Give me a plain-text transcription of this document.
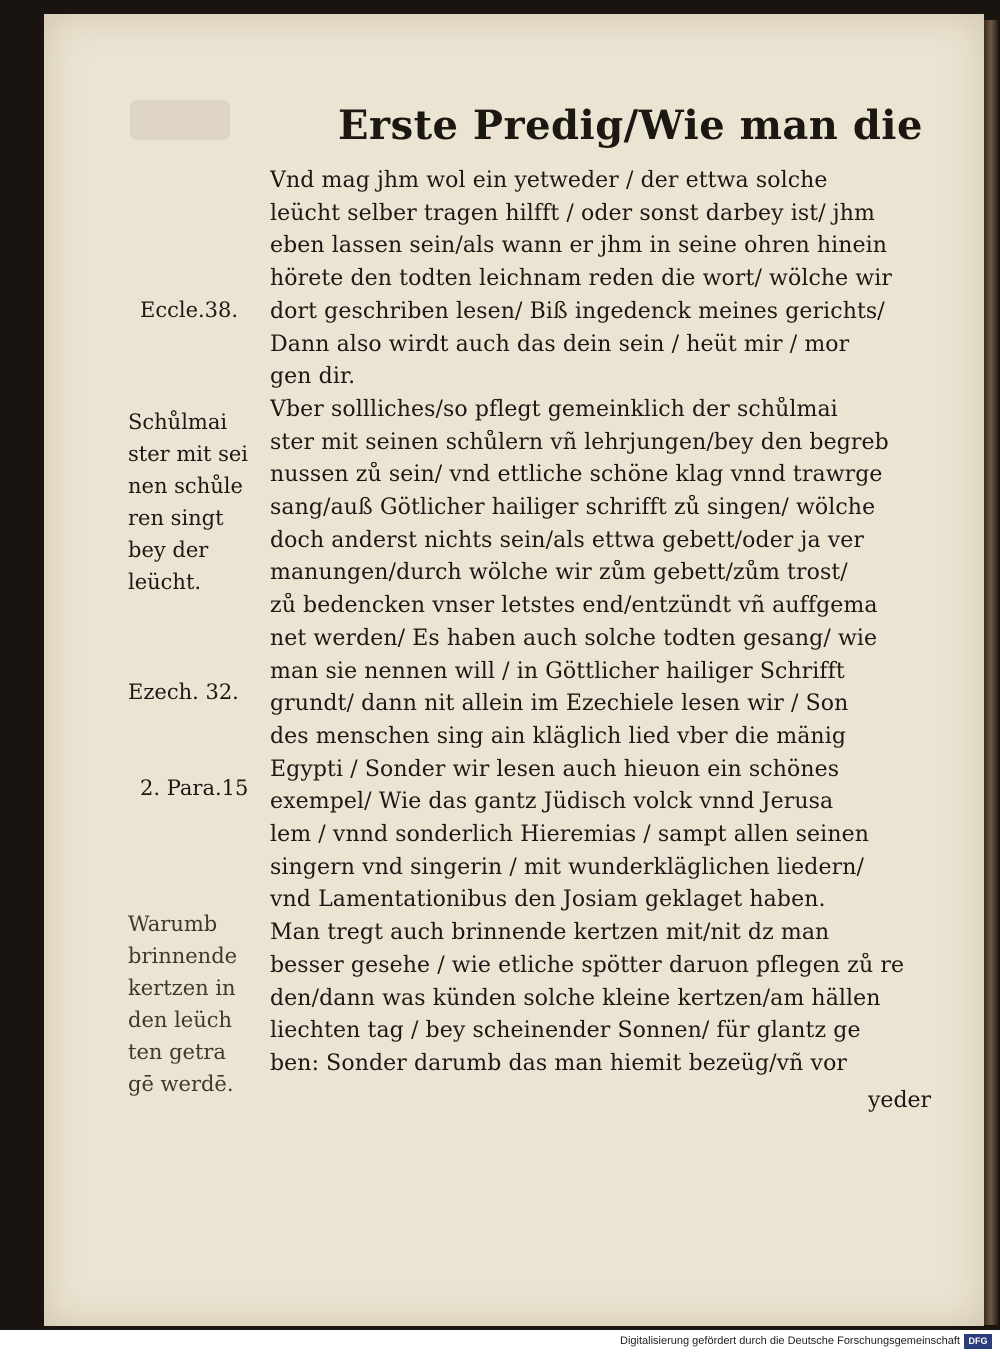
Erste Predig/Wie man die
Vnd mag jhm wol ein yetweder / der ettwa solche
leücht selber tragen hilfft / oder sonst darbey ist/ jhm
eben lassen sein/als wann er jhm in seine ohren hinein
hörete den todten leichnam reden die wort/ wölche wir
dort geschriben lesen/ Biß ingedenck meines gerichts/
Dann also wirdt auch das dein sein / heüt mir / mor
gen dir.
Vber sollliches/so pflegt gemeinklich der schůlmai
ster mit seinen schůlern vñ lehrjungen/bey den begreb
nussen zů sein/ vnd ettliche schöne klag vnnd trawrge
sang/auß Götlicher hailiger schrifft zů singen/ wölche
doch anderst nichts sein/als ettwa gebett/oder ja ver
manungen/durch wölche wir zům gebett/zům trost/
zů bedencken vnser letstes end/entzündt vñ auffgema
net werden/ Es haben auch solche todten gesang/ wie
man sie nennen will / in Göttlicher hailiger Schrifft
grundt/ dann nit allein im Ezechiele lesen wir / Son
des menschen sing ain kläglich lied vber die mänig
Egypti / Sonder wir lesen auch hieuon ein schönes
exempel/ Wie das gantz Jüdisch volck vnnd Jerusa
lem / vnnd sonderlich Hieremias / sampt allen seinen
singern vnd singerin / mit wunderkläglichen liedern/
vnd Lamentationibus den Josiam geklaget haben.
Man tregt auch brinnende kertzen mit/nit dz man
besser gesehe / wie etliche spötter daruon pflegen zů re
den/dann was künden solche kleine kertzen/am hällen
liechten tag / bey scheinender Sonnen/ für glantz ge
ben: Sonder darumb das man hiemit bezeüg/vñ vor
Eccle.38.
Schůlmai
ster mit sei
nen schůle
ren singt
bey der
leücht.
Ezech. 32.
2. Para.15
Warumb
brinnende
kertzen in
den leüch
ten getra
gē werdē.
yeder
Digitalisierung gefördert durch die Deutsche Forschungsgemeinschaft DFG
